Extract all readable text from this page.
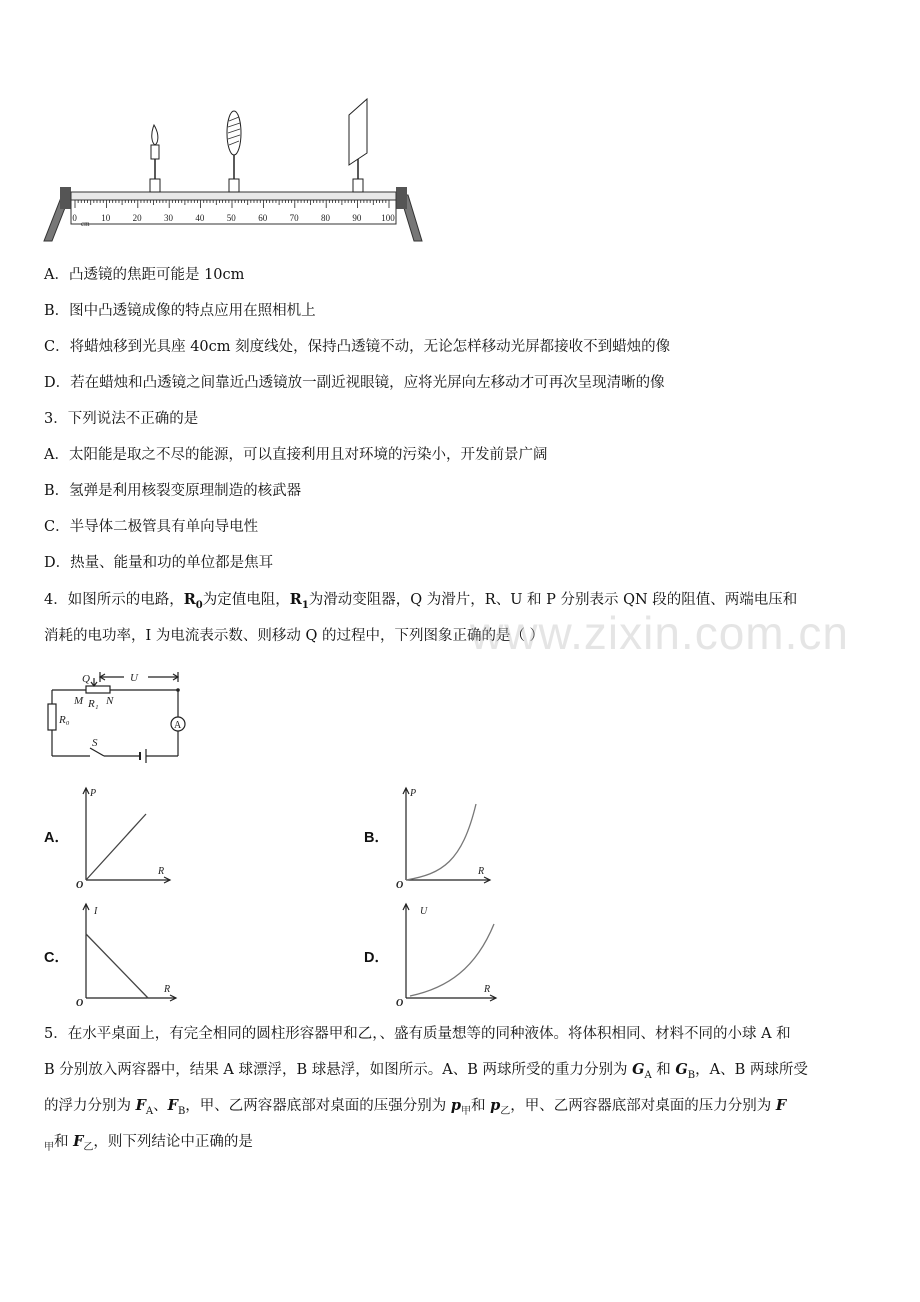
0	10 20 30 40 50 60 70 80 90 100
cm
A．凸透镜的焦距可能是 10cm
B．图中凸透镜成像的特点应用在照相机上
C．将蜡烛移到光具座 40cm 刻度线处，保持凸透镜不动，无论怎样移动光屏都接收不到蜡烛的像
D．若在蜡烛和凸透镜之间靠近凸透镜放一副近视眼镜，应将光屏向左移动才可再次呈现清晰的像
3．下列说法不正确的是
A．太阳能是取之不尽的能源，可以直接利用且对环境的污染小，开发前景广阔
B．氢弹是利用核裂变原理制造的核武器
C．半导体二极管具有单向导电性
D．热量、能量和功的单位都是焦耳
4．如图所示的电路，$R_0$为定值电阻，$R_1$为滑动变阻器，Q 为滑片，R、U 和 P 分别表示 QN 段的阻值、两端电压和
消耗的电功率，I 为电流表示数、则移动 Q 的过程中，下列图象正确的是（ ）
www.zixin.com.cn
U
Q
M N
R₁
R₀
S
A
A．	B．
C．	D．
P
R
O
P
R
O
I
R
O
U
R
O
5．在水平桌面上，有完全相同的圆柱形容器甲和乙，、盛有质量想等的同种液体。将体积相同、材料不同的小球 A 和
B 分别放入两容器中，结果 A 球漂浮，B 球悬浮，如图所示。A、B 两球所受的重力分别为 $G_A$ 和 $G_B$，A、B 两球所受
的浮力分别为 $F_A$、$F_B$，甲、乙两容器底部对桌面的压强分别为 $p_甲$和 $p_乙$，甲、乙两容器底部对桌面的压力分别为 F
$_甲$和 $F_乙$，则下列结论中正确的是
